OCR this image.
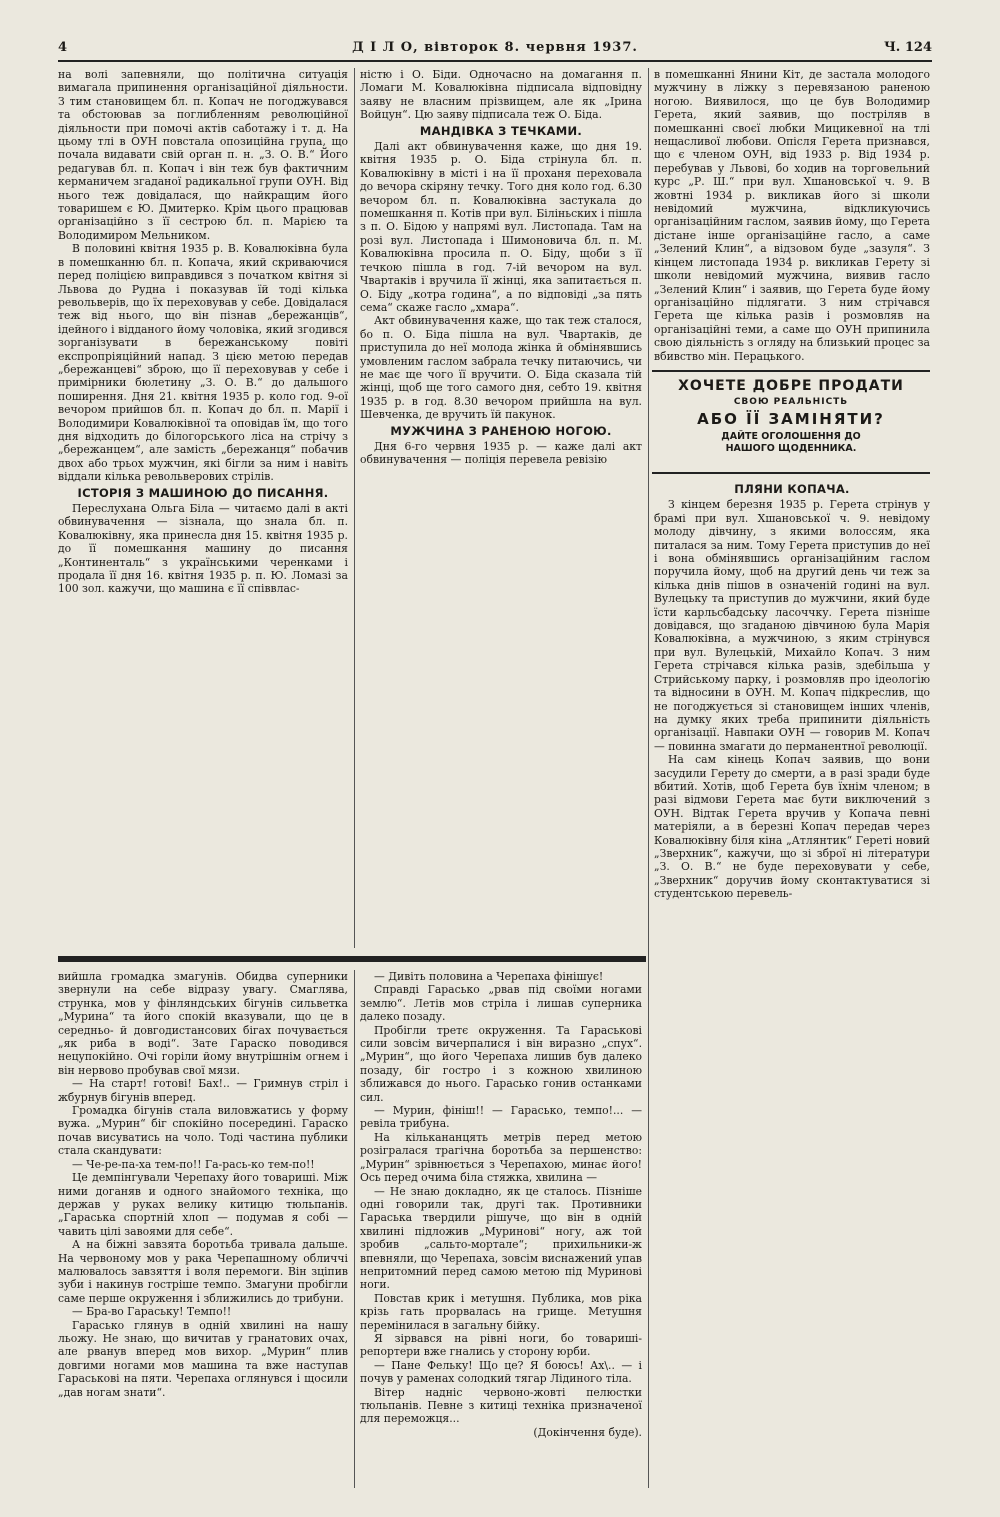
4	Д І Л О, вівторок 8. червня 1937.	Ч. 124

на волі запевняли, що політична ситуація вимагала припинення організаційної діяльности. З тим становищем бл. п. Копач не погоджувався та обстоював за поглибленням революційної діяльности при помочі актів саботажу і т. д. На цьому тлі в ОУН повстала опозиційна група, що почала видавати свій орган п. н. „З. О. В.“ Його редагував бл. п. Копач і він теж був фактичним керманичем згаданої радикальної групи ОУН. Від нього теж довідалася, що найкращим його товаришем є Ю. Дмитерко. Крім цього працював організаційно з її сестрою бл. п. Марією та Володимиром Мельником.

В половині квітня 1935 р. В. Ковалюківна була в помешканню бл. п. Копача, який скриваючися перед поліцією виправдився з початком квітня зі Львова до Рудна і показував їй тоді кілька револьверів, що їх переховував у себе. Довідалася теж від нього, що він пізнав „бережанців“, ідейного і відданого йому чоловіка, який згодився зорганізувати в бережанському повіті експропріяційний напад. З цією метою передав „бережанцеві“ зброю, що її переховував у себе і примірники бюлетину „З. О. В.“ до дальшого поширення. Дня 21. квітня 1935 р. коло год. 9-ої вечором прийшов бл. п. Копач до бл. п. Марії і Володимири Ковалюківної та оповідав їм, що того дня відходить до білогорського ліса на стрічу з „бережанцем“, але замість „бережанця“ побачив двох або трьох мужчин, які бігли за ним і навіть віддали кілька револьверових стрілів.

ІСТОРІЯ З МАШИНОЮ ДО ПИСАННЯ.

Переслухана Ольга Біла — читаємо далі в акті обвинувачення — зізнала, що знала бл. п. Ковалюківну, яка принесла дня 15. квітня 1935 р. до її помешкання машину до писання „Континенталь“ з українськими черенками і продала її дня 16. квітня 1935 р. п. Ю. Ломазі за 100 зол. кажучи, що машина є її співвлас-

ністю і О. Біди. Одночасно на домагання п. Ломаги М. Ковалюківна підписала відповідну заяву не власним прізвищем, але як „Ірина Войцун“. Цю заяву підписала теж О. Біда.

МАНДІВКА З ТЕЧКАМИ.

Далі акт обвинувачення каже, що дня 19. квітня 1935 р. О. Біда стрінула бл. п. Ковалюківну в місті і на її проханя переховала до вечора скіряну течку. Того дня коло год. 6.30 вечором бл. п. Ковалюківна застукала до помешкання п. Котів при вул. Біліньских і пішла з п. О. Бідою у напрямі вул. Листопада. Там на розі вул. Листопада і Шимоновича бл. п. М. Ковалюківна просила п. О. Біду, щоби з її течкою пішла в год. 7-ій вечором на вул. Чвартаків і вручила її жінці, яка запитається п. О. Біду „котра година“, а по відповіді „за пять сема“ скаже гасло „хмара“.

Акт обвинувачення каже, що так теж сталося, бо п. О. Біда пішла на вул. Чвартаків, де приступила до неї молода жінка й обмінявшись умовленим гаслом забрала течку питаючись, чи не має ще чого її вручити. О. Біда сказала тій жінці, щоб ще того самого дня, себто 19. квітня 1935 р. в год. 8.30 вечором прийшла на вул. Шевченка, де вручить їй пакунок.

МУЖЧИНА З РАНЕНОЮ НОГОЮ.

Дня 6-го червня 1935 р. — каже далі акт обвинувачення — поліція перевела ревізію

в помешканні Янини Кіт, де застала молодого мужчину в ліжку з перевязаною раненою ногою. Виявилося, що це був Володимир Герета, який заявив, що постріляв в помешканні своєї любки Мицикевної на тлі нещасливої любови. Опісля Герета признався, що є членом ОУН, від 1933 р. Від 1934 р. перебував у Львові, бо ходив на торговельний курс „Р. Ш.“ при вул. Хшановської ч. 9. В жовтні 1934 р. викликав його зі школи невідомий мужчина, відкликуючись організаційним гаслом, заявив йому, що Герета дістане інше організаційне гасло, а саме „Зелений Клин“, а відзовом буде „зазуля“. З кінцем листопада 1934 р. викликав Герету зі школи невідомий мужчина, виявив гасло „Зелений Клин“ і заявив, що Герета буде йому організаційно підлягати. З ним стрічався Герета ще кілька разів і розмовляв на організаційні теми, а саме що ОУН припинила свою діяльність з огляду на близький процес за вбивство мін. Перацького.

ХОЧЕТЕ ДОБРЕ ПРОДАТИ
СВОЮ РЕАЛЬНІСТЬ
АБО ЇЇ ЗАМІНЯТИ?
ДАЙТЕ ОГОЛОШЕННЯ ДО
НАШОГО ЩОДЕННИКА.
ПЛЯНИ КОПАЧА.

З кінцем березня 1935 р. Герета стрінув у брамі при вул. Хшановської ч. 9. невідому молоду дівчину, з якими волоссям, яка питалася за ним. Тому Герета приступив до неї і вона обмінявшись організаційним гаслом поручила йому, щоб на другий день чи теж за кілька днів пішов в означеній годині на вул. Вулецьку та приступив до мужчини, який буде їсти карльсбадську ласоччку. Герета пізніше довідався, що згаданою дівчиною була Марія Ковалюківна, а мужчиною, з яким стрінувся при вул. Вулецькій, Михайло Копач. З ним Герета стрічався кілька разів, здебільша у Стрийському парку, і розмовляв про ідеологію та відносини в ОУН. М. Копач підкреслив, що не погоджується зі становищем інших членів, на думку яких треба припинити діяльність організації. Навпаки ОУН — говорив М. Копач — повинна змагати до перманентної революції.

На сам кінець Копач заявив, що вони засудили Герету до смерти, а в разі зради буде вбитий. Хотів, щоб Герета був їхнім членом; в разі відмови Герета має бути виключений з ОУН. Відтак Герета вручив у Копача певні матеріяли, а в березні Копач передав через Ковалюківну біля кіна „Атлянтик“ Гереті новий „Зверхник“, кажучи, що зі зброї ні літератури „З. О. В.“ не буде переховувати у себе, „Зверхник“ доручив йому сконтактуватися зі студентською перевель-

вийшла громадка змагунів. Обидва суперники звернули на себе відразу увагу. Смаглява, струнка, мов у фінляндських бігунів сильветка „Мурина“ та його спокій вказували, що це в середньо- й довгодистансових бігах почувається „як риба в воді“. Зате Гараско поводився нецупокійно. Очі горіли йому внутрішнім огнем і він нервово пробував свої мязи.

— На старт! готові! Бах!.. — Гримнув стріл і жбурнув бігунів вперед.

Громадка бігунів стала виловжатись у форму вужа. „Мурин“ біг спокійно посередині. Гараско почав висуватись на чоло. Тоді частина публики стала скандувати:

— Че-ре-па-ха тем-по!! Га-рась-ко тем-по!!

Це демпінгували Черепаху його товариші. Між ними доганяв и одного знайомого техніка, що держав у руках велику китицю тюльпанів. „Гараська спортній хлоп — подумав я собі — чавить цілі завоями для себе“.

А на біжні завзята боротьба тривала дальше. На червоному мов у рака Черепашному обличчі малювалось завзяття і воля перемоги. Він зціпив зуби і накинув гостріше темпо. Змагуни пробігли саме перше окруження і зближились до трибуни.

— Бра-во Гараську! Темпо!!

Гарасько глянув в одній хвилині на нашу льожу. Не знаю, що вичитав у гранатових очах, але рванув вперед мов вихор. „Мурин“ плив довгими ногами мов машина та вже наступав Гараськові на пяти. Черепаха оглянувся і щосили „дав ногам знати“.

— Дивіть половина а Черепаха фінішує!

Справді Гарасько „рвав під своїми ногами землю“. Летів мов стріла і лишав суперника далеко позаду.

Пробігли третє окруження. Та Гараськові сили зовсім вичерпалися і він виразно „спух“. „Мурин“, що його Черепаха лишив був далеко позаду, біг гостро і з кожною хвилиною зближався до нього. Гарасько гонив останками сил.

— Мурин, фініш!! — Гарасько, темпо!... — ревіла трибуна.

На кількананцять метрів перед метою розігралася трагічна боротьба за першенство: „Мурин“ зрівнюється з Черепахою, минає його! Ось перед очима біла стяжка, хвилина —

— Не знаю докладно, як це сталось. Пізніше одні говорили так, другі так. Противники Гараська твердили рішуче, що він в одній хвилині підложив „Муринові“ ногу, аж той зробив „сальто-мортале“; прихильники-ж впевняли, що Черепаха, зовсім виснажений упав непритомний перед самою метою під Муринові ноги.

Повстав крик і метушня. Публика, мов ріка крізь гать прорвалась на грище. Метушня перемінилася в загальну бійку.

Я зірвався на рівні ноги, бо товариші-репортери вже гнались у сторону юрби.

— Пане Фельку! Що це? Я боюсь! Ах\.. — і почув у раменах солодкий тягар Лідиного тіла.

Вітер надніс червоно-жовті пелюстки тюльпанів. Певне з китиці техніка призначеної для переможця...

(Докінчення буде).
